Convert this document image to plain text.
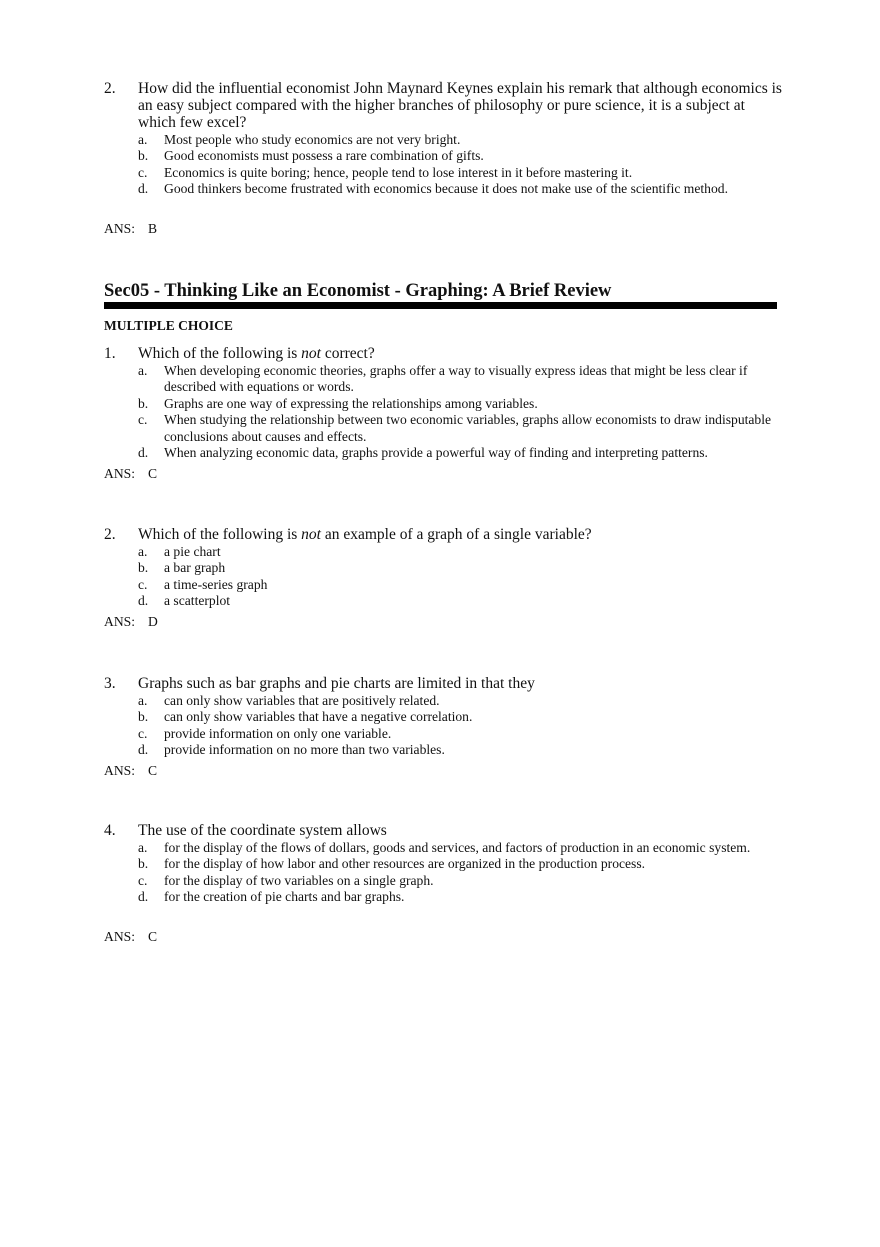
2.	How did the influential economist John Maynard Keynes explain his remark that although economics is an easy subject compared with the higher branches of philosophy or pure science, it is a subject at which few excel?
a.	Most people who study economics are not very bright.
b.	Good economists must possess a rare combination of gifts.
c.	Economics is quite boring; hence, people tend to lose interest in it before mastering it.
d.	Good thinkers become frustrated with economics because it does not make use of the scientific method.
ANS: B
Sec05 - Thinking Like an Economist - Graphing: A Brief Review
MULTIPLE CHOICE
1.	Which of the following is not correct?
a.	When developing economic theories, graphs offer a way to visually express ideas that might be less clear if described with equations or words.
b.	Graphs are one way of expressing the relationships among variables.
c.	When studying the relationship between two economic variables, graphs allow economists to draw indisputable conclusions about causes and effects.
d.	When analyzing economic data, graphs provide a powerful way of finding and interpreting patterns.
ANS: C
2.	Which of the following is not an example of a graph of a single variable?
a.	a pie chart
b.	a bar graph
c.	a time-series graph
d.	a scatterplot
ANS: D
3.	Graphs such as bar graphs and pie charts are limited in that they
a.	can only show variables that are positively related.
b.	can only show variables that have a negative correlation.
c.	provide information on only one variable.
d.	provide information on no more than two variables.
ANS: C
4.	The use of the coordinate system allows
a.	for the display of the flows of dollars, goods and services, and factors of production in an economic system.
b.	for the display of how labor and other resources are organized in the production process.
c.	for the display of two variables on a single graph.
d.	for the creation of pie charts and bar graphs.
ANS: C
